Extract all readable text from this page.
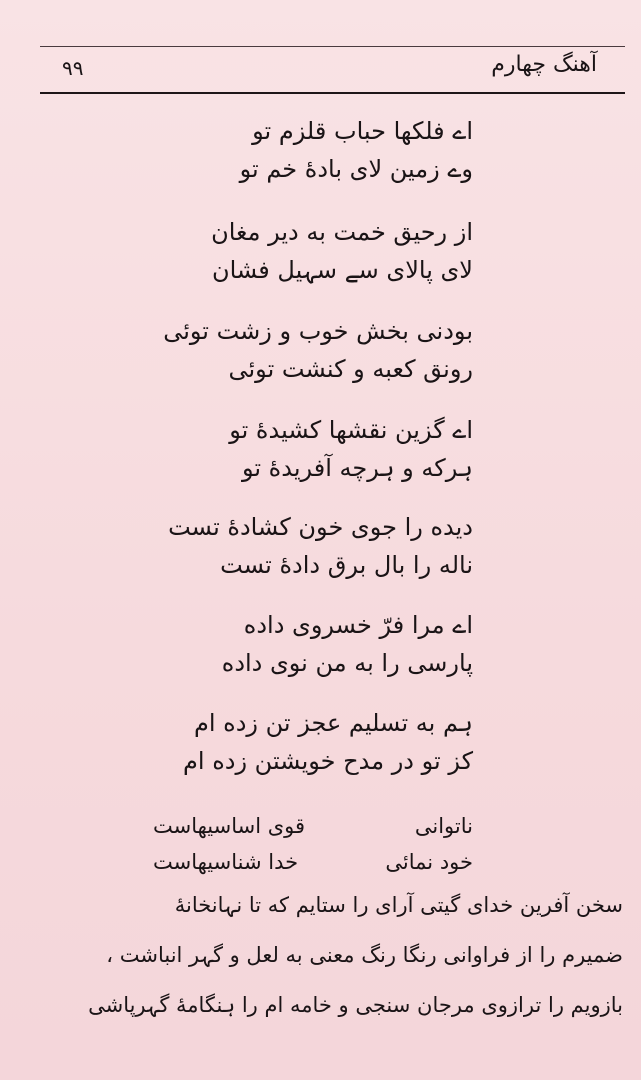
آهنگ چهارم
۹۹
اے فلکها حباب قلزم تو
وے زمین لای بادهٔ خم تو
از رحیق خمت به دیر مغان
لای پالای سے سہیل فشان
بودنی بخش خوب و زشت توئی
رونق کعبه و کنشت توئی
اے گزین نقشها کشیدهٔ تو
ہرکه و ہرچه آفریدهٔ تو
دیده را جوی خون کشادهٔ تست
ناله را بال برق دادهٔ تست
اے مرا فرّ خسروی داده
پارسی را به من نوی داده
ہم به تسلیم عجز تن زده ام
کز تو در مدح خویشتن زده ام
ناتوانی
قوی اساسیهاست
خود نمائی
خدا شناسیهاست
سخن آفرین خدای گیتی آرای را ستایم که تا نہانخانهٔ
ضمیرم را از فراوانی رنگا رنگ معنی به لعل و گہر انباشت ،
بازویم را ترازوی مرجان سنجی و خامه ام را ہنگامهٔ گہرپاشی
